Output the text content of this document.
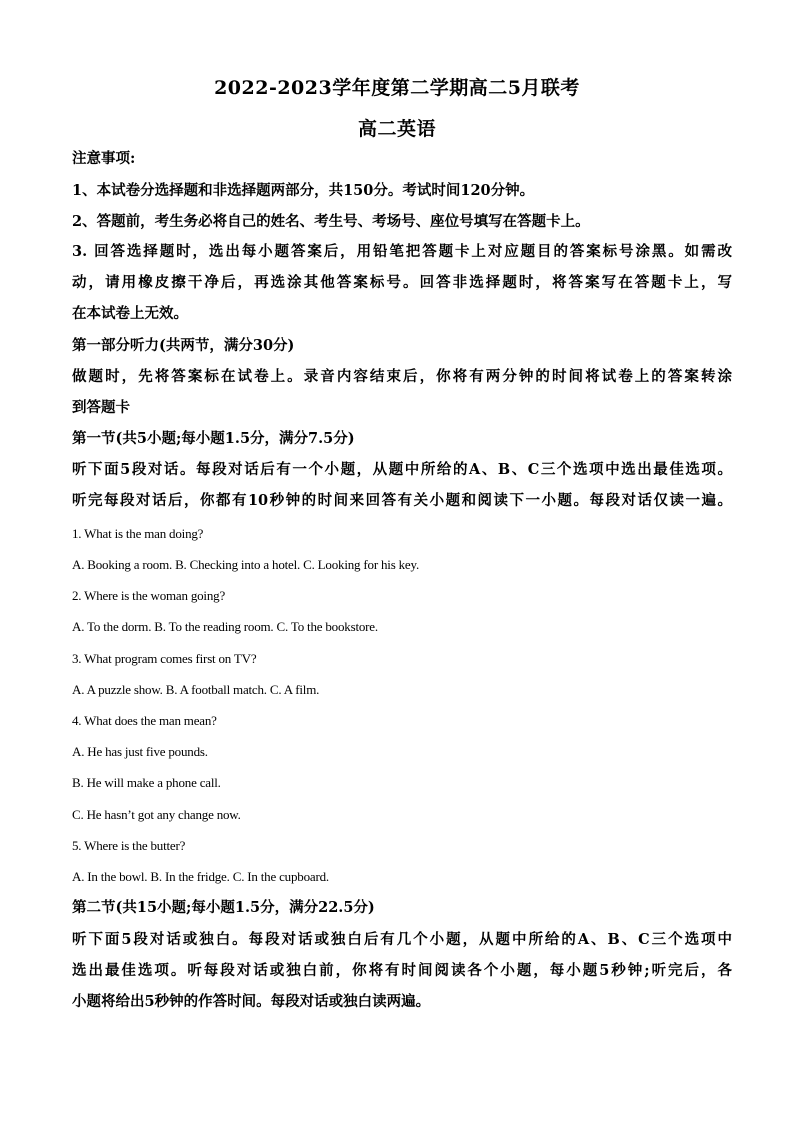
2022-2023学年度第二学期高二5月联考
高二英语
注意事项:
1、本试卷分选择题和非选择题两部分，共150分。考试时间120分钟。
2、答题前，考生务必将自己的姓名、考生号、考场号、座位号填写在答题卡上。
3. 回答选择题时，选出每小题答案后，用铅笔把答题卡上对应题目的答案标号涂黑。如需改
动，请用橡皮擦干净后，再选涂其他答案标号。回答非选择题时，将答案写在答题卡上，写
在本试卷上无效。
第一部分听力(共两节，满分30分)
做题时，先将答案标在试卷上。录音内容结束后，你将有两分钟的时间将试卷上的答案转涂
到答题卡
第一节(共5小题;每小题1.5分，满分7.5分)
听下面5段对话。每段对话后有一个小题，从题中所给的A、B、C三个选项中选出最佳选项。
听完每段对话后，你都有10秒钟的时间来回答有关小题和阅读下一小题。每段对话仅读一遍。
1. What is the man doing?
A. Booking a room. B. Checking into a hotel. C. Looking for his key.
2. Where is the woman going?
A. To the dorm. B. To the reading room. C. To the bookstore.
3. What program comes first on TV?
A. A puzzle show. B. A football match. C. A film.
4. What does the man mean?
A. He has just five pounds.
B. He will make a phone call.
C. He hasn’t got any change now.
5. Where is the butter?
A. In the bowl. B. In the fridge. C. In the cupboard.
第二节(共15小题;每小题1.5分，满分22.5分)
听下面5段对话或独白。每段对话或独白后有几个小题，从题中所给的A、B、C三个选项中
选出最佳选项。听每段对话或独白前，你将有时间阅读各个小题，每小题5秒钟;听完后，各
小题将给出5秒钟的作答时间。每段对话或独白读两遍。
